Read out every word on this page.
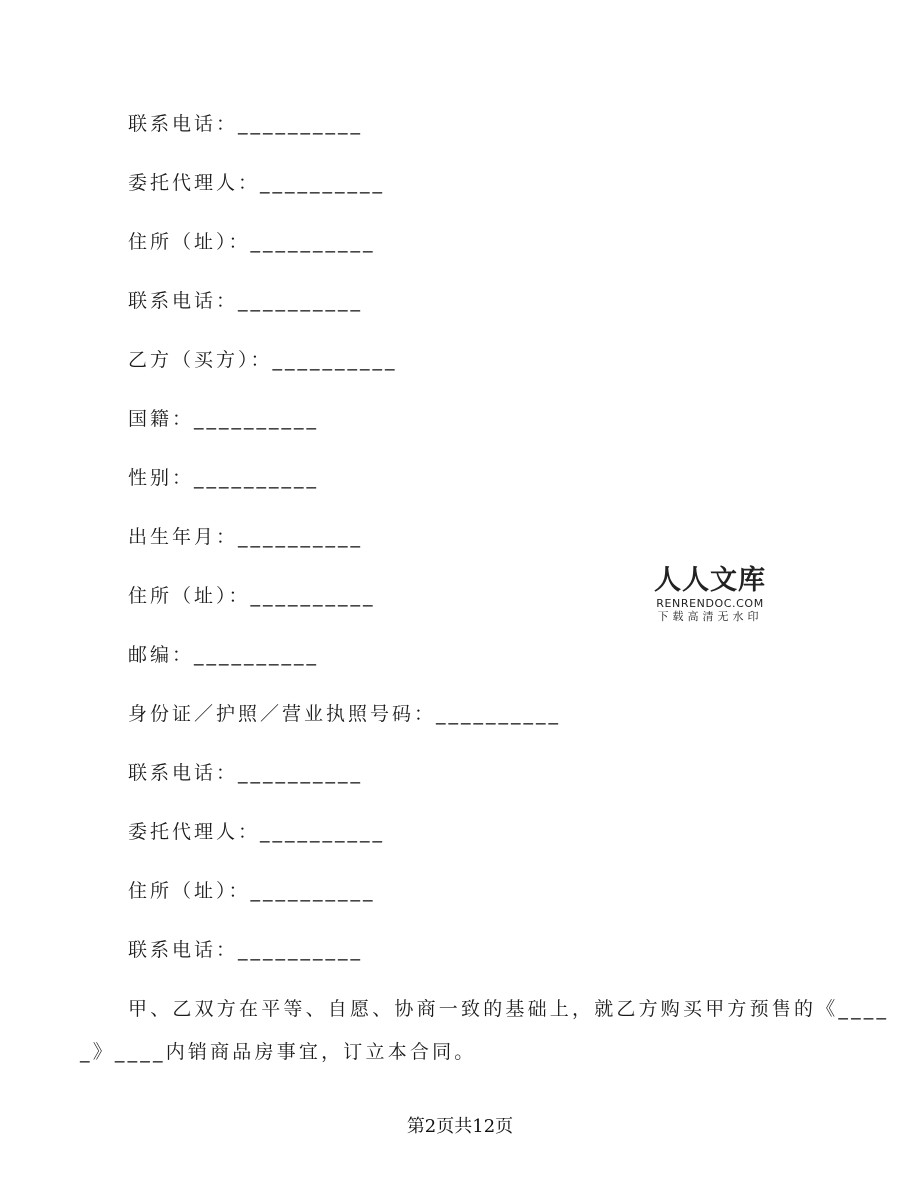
联系电话：__________
委托代理人：__________
住所（址）：__________
联系电话：__________
乙方（买方）：__________
国籍：__________
性别：__________
出生年月：__________
住所（址）：__________
邮编：__________
身份证／护照／营业执照号码：__________
联系电话：__________
委托代理人：__________
住所（址）：__________
联系电话：__________
甲、乙双方在平等、自愿、协商一致的基础上，就乙方购买甲方预售的《____
_》____内销商品房事宜，订立本合同。
人人文库
RENRENDOC.COM
下载高清无水印
第2页共12页
